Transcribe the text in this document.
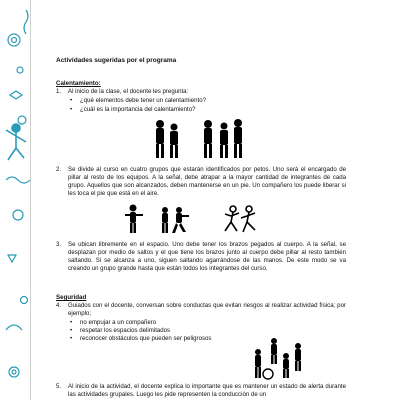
Actividades sugeridas por el programa
Calentamiento:
1.	Al inicio de la clase, el docente les pregunta:
• ¿qué elementos debe tener un calentamiento?
• ¿cuál es la importancia del calentamiento?
2.	Se divide al curso en cuatro grupos que estarán identificados por petos. Uno será el encargado de pillar al resto de los equipos. A la señal, debe atrapar a la mayor cantidad de integrantes de cada grupo. Aquellos que son alcanzados, deben mantenerse en un pie. Un compañero los puede liberar si les toca el pie que está en el aire.
3.	Se ubican libremente en el espacio. Uno debe tener los brazos pegados al cuerpo. A la señal, se desplazan por medio de saltos y el que tiene los brazos junto al cuerpo debe pillar al resto también saltando. Si se alcanza a uno, siguen saltando agarrándose de las manos. De este modo se va creando un grupo grande hasta que están todos los integrantes del curso.
Seguridad
4.	Guiados con el docente, conversan sobre conductas que evitan riesgos al realizar actividad física; por ejemplo;
• no empujar a un compañero
• respetar los espacios delimitados
• reconocer obstáculos que pueden ser peligrosos
5.	Al inicio de la actividad, el docente explica lo importante que es mantener un estado de alerta durante las actividades grupales. Luego les pide representen la conducción de un
